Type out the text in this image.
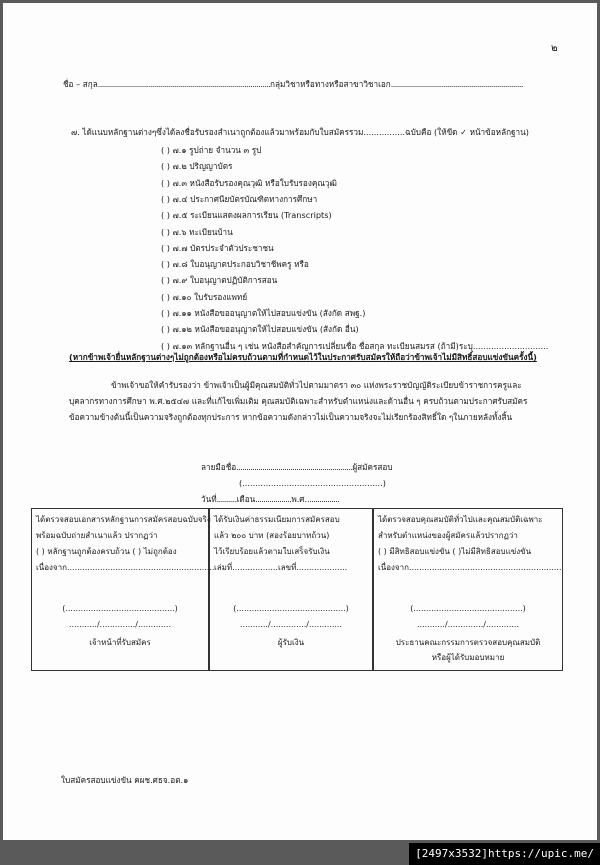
๒
ชื่อ – สกุล......................................................................................กลุ่มวิชาหรือทางหรือสาขาวิชาเอก..................................................................
๗. ได้แนบหลักฐานต่างๆซึ่งได้ลงชื่อรับรองสำเนาถูกต้องแล้วมาพร้อมกับใบสมัครรวม................ฉบับคือ (ให้ขีด ✓ หน้าข้อหลักฐาน)
( ) ๗.๑ รูปถ่าย จำนวน ๓ รูป
( ) ๗.๒ ปริญญาบัตร
( ) ๗.๓ หนังสือรับรองคุณวุฒิ หรือใบรับรองคุณวุฒิ
( ) ๗.๔ ประกาศนียบัตรบัณฑิตทางการศึกษา
( ) ๗.๕ ระเบียนแสดงผลการเรียน (Transcripts)
( ) ๗.๖ ทะเบียนบ้าน
( ) ๗.๗ บัตรประจำตัวประชาชน
( ) ๗.๘ ใบอนุญาตประกอบวิชาชีพครู หรือ
( ) ๗.๙ ใบอนุญาตปฏิบัติการสอน
( ) ๗.๑๐ ใบรับรองแพทย์
( ) ๗.๑๑ หนังสือขออนุญาตให้ไปสอบแข่งขัน (สังกัด สพฐ.)
( ) ๗.๑๒ หนังสือขออนุญาตให้ไปสอบแข่งขัน (สังกัด อื่น)
( ) ๗.๑๓ หลักฐานอื่น ๆ เช่น หนังสือสำคัญการเปลี่ยนชื่อ ชื่อสกุล ทะเบียนสมรส (ถ้ามี)ระบุ.............................
(หากข้าพเจ้ายื่นหลักฐานต่างๆไม่ถูกต้องหรือไม่ครบถ้วนตามที่กำหนดไว้ในประกาศรับสมัครให้ถือว่าข้าพเจ้าไม่มีสิทธิ์สอบแข่งขันครั้งนี้)
ข้าพเจ้าขอให้คำรับรองว่า ข้าพเจ้าเป็นผู้มีคุณสมบัติทั่วไปตามมาตรา ๓๐ แห่งพระราชบัญญัติระเบียบข้าราชการครูและ
บุคลากรทางการศึกษา พ.ศ.๒๕๔๗ และที่แก้ไขเพิ่มเติม คุณสมบัติเฉพาะสำหรับตำแหน่งและด้านอื่น ๆ ครบถ้วนตามประกาศรับสมัคร
ข้อความข้างต้นนี้เป็นความจริงถูกต้องทุกประการ หากข้อความดังกล่าวไม่เป็นความจริงจะไม่เรียกร้องสิทธิ์ใด ๆในภายหลังทั้งสิ้น
ลายมือชื่อ..........................................................ผู้สมัครสอบ
(......................................................)
วันที่..........เดือน..................พ.ศ.................
ได้ตรวจสอบเอกสารหลักฐานการสมัครสอบฉบับจริง
พร้อมฉบับถ่ายสำเนาแล้ว ปรากฏว่า
( ) หลักฐานถูกต้องครบถ้วน ( ) ไม่ถูกต้อง
เนื่องจาก..........................................................
(...........................................)
.........../............../.............
เจ้าหน้าที่รับสมัคร
ได้รับเงินค่าธรรมเนียมการสมัครสอบ
แล้ว ๒๐๐ บาท (สองร้อยบาทถ้วน)
ไว้เรียบร้อยแล้วตามใบเสร็จรับเงิน
เล่มที่..................เลขที่....................
(...........................................)
.........../............../.............
ผู้รับเงิน
ได้ตรวจสอบคุณสมบัติทั่วไปและคุณสมบัติเฉพาะ
สำหรับตำแหน่งของผู้สมัครแล้วปรากฏว่า
( ) มีสิทธิสอบแข่งขัน ( )ไม่มีสิทธิสอบแข่งขัน
เนื่องจาก............................................................
(...........................................)
.........../............../.............
ประธานคณะกรรมการตรวจสอบคุณสมบัติ
หรือผู้ได้รับมอบหมาย
ใบสมัครสอบแข่งขัน คผช.ศธจ.อต.๑
[2497x3532]https://upic.me/
